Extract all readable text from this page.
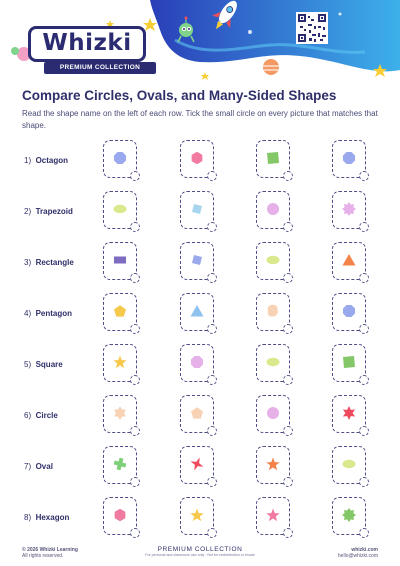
Whizki
PREMIUM COLLECTION
Compare Circles, Ovals, and Many-Sided Shapes
Read the shape name on the left of each row. Tick the small circle on every picture that matches that shape.
1) Octagon
2) Trapezoid
3) Rectangle
4) Pentagon
5) Square
6) Circle
7) Oval
8) Hexagon
© 2026 Whizki Learning
All rights reserved.
PREMIUM COLLECTION
For personal and classroom use only · Not for redistribution or resale
whizki.com
hello@whizki.com
